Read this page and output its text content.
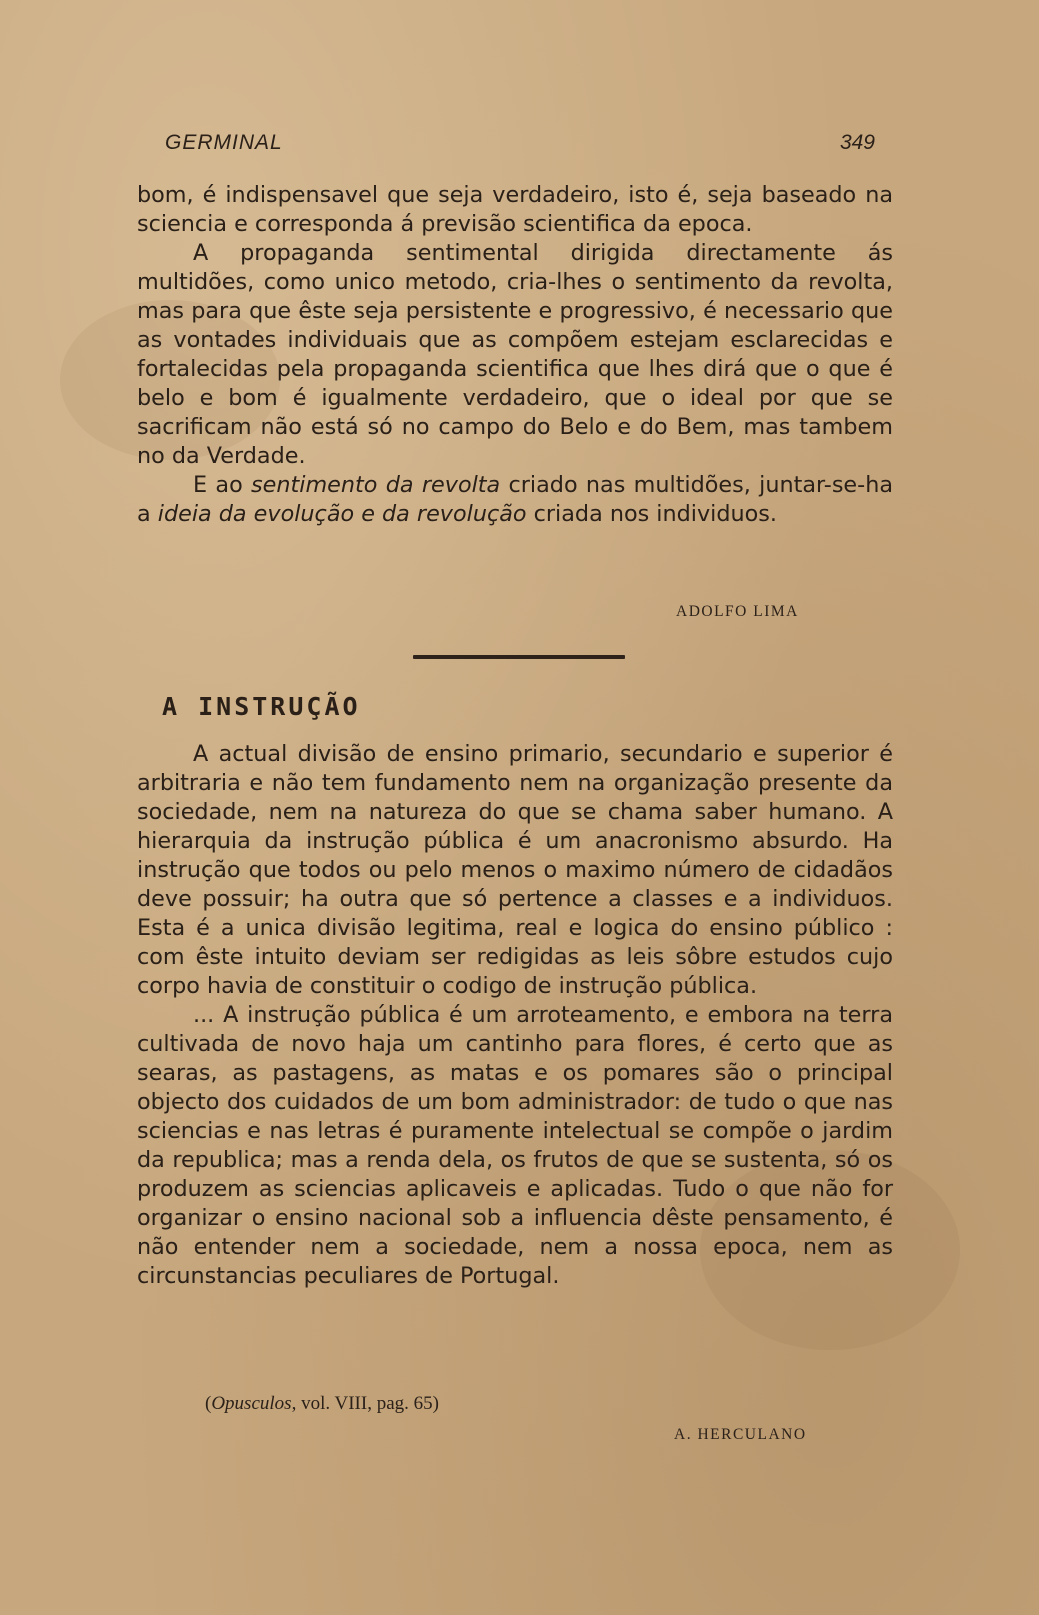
GERMINAL	349

bom, é indispensavel que seja verdadeiro, isto é, seja baseado na sciencia e corresponda á previsão scientifica da epoca.

A propaganda sentimental dirigida directamente ás multidões, como unico metodo, cria-lhes o sentimento da revolta, mas para que êste seja persistente e progressivo, é necessario que as vontades individuais que as compõem estejam esclarecidas e fortalecidas pela propaganda scientifica que lhes dirá que o que é belo e bom é igualmente verdadeiro, que o ideal por que se sacrificam não está só no campo do Belo e do Bem, mas tambem no da Verdade.

E ao sentimento da revolta criado nas multidões, juntar-se-ha a ideia da evolução e da revolução criada nos individuos.

ADOLFO LIMA
A INSTRUÇÃO

A actual divisão de ensino primario, secundario e superior é arbitraria e não tem fundamento nem na organização presente da sociedade, nem na natureza do que se chama saber humano. A hierarquia da instrução pública é um anacronismo absurdo. Ha instrução que todos ou pelo menos o maximo número de cidadãos deve possuir; ha outra que só pertence a classes e a individuos. Esta é a unica divisão legitima, real e logica do ensino público : com êste intuito deviam ser redigidas as leis sôbre estudos cujo corpo havia de constituir o codigo de instrução pública.

... A instrução pública é um arroteamento, e embora na terra cultivada de novo haja um cantinho para flores, é certo que as searas, as pastagens, as matas e os pomares são o principal objecto dos cuidados de um bom administrador: de tudo o que nas sciencias e nas letras é puramente intelectual se compõe o jardim da republica; mas a renda dela, os frutos de que se sustenta, só os produzem as sciencias aplicaveis e aplicadas. Tudo o que não for organizar o ensino nacional sob a influencia dêste pensamento, é não entender nem a sociedade, nem a nossa epoca, nem as circunstancias peculiares de Portugal.

(Opusculos, vol. VIII, pag. 65)
A. HERCULANO
